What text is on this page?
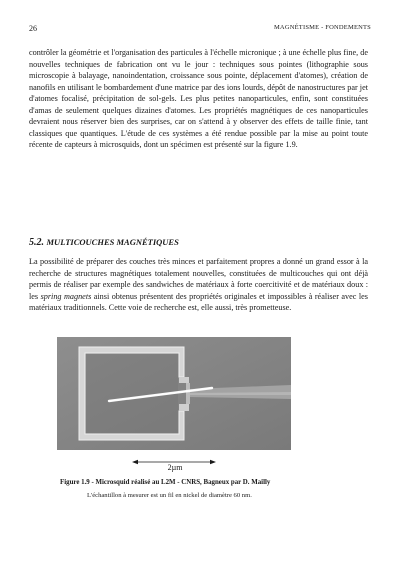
26	MAGNÉTISME - FONDEMENTS

contrôler la géométrie et l'organisation des particules à l'échelle micronique ; à une échelle plus fine, de nouvelles techniques de fabrication ont vu le jour : techniques sous pointes (lithographie sous microscopie à balayage, nanoindentation, croissance sous pointe, déplacement d'atomes), création de nanofils en utilisant le bombardement d'une matrice par des ions lourds, dépôt de nanostructures par jet d'atomes focalisé, précipitation de sol-gels. Les plus petites nanoparticules, enfin, sont constituées d'amas de seulement quelques dizaines d'atomes. Les propriétés magnétiques de ces nanoparticules devraient nous réserver bien des surprises, car on s'attend à y observer des effets de taille finie, tant classiques que quantiques. L'étude de ces systèmes a été rendue possible par la mise au point toute récente de capteurs à microsquids, dont un spécimen est présenté sur la figure 1.9.

5.2. MULTICOUCHES MAGNÉTIQUES

La possibilité de préparer des couches très minces et parfaitement propres a donné un grand essor à la recherche de structures magnétiques totalement nouvelles, constituées de multicouches qui ont déjà permis de réaliser par exemple des sandwiches de matériaux à forte coercitivité et de matériaux doux : les spring magnets ainsi obtenus présentent des propriétés originales et impossibles à réaliser avec les matériaux traditionnels. Cette voie de recherche est, elle aussi, très prometteuse.

2µm

Figure 1.9 - Microsquid réalisé au L2M - CNRS, Bagneux par D. Mailly

L'échantillon à mesurer est un fil en nickel de diamètre 60 nm.
